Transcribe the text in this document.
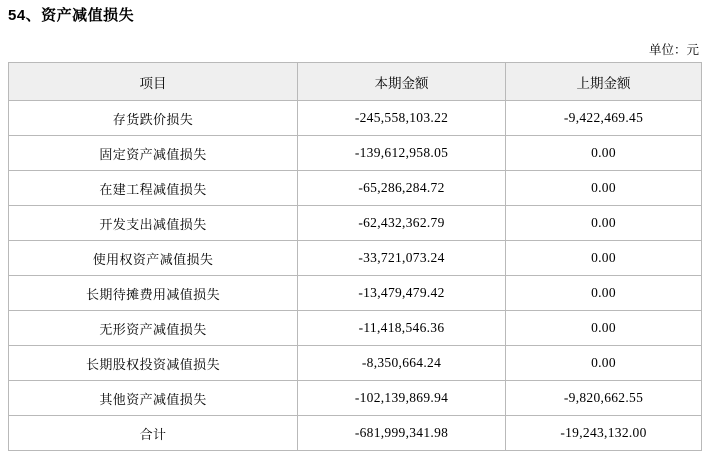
54、资产减值损失
单位：元
项目	本期金额	上期金额
存货跌价损失	-245,558,103.22	-9,422,469.45
固定资产减值损失	-139,612,958.05	0.00
在建工程减值损失	-65,286,284.72	0.00
开发支出减值损失	-62,432,362.79	0.00
使用权资产减值损失	-33,721,073.24	0.00
长期待摊费用减值损失	-13,479,479.42	0.00
无形资产减值损失	-11,418,546.36	0.00
长期股权投资减值损失	-8,350,664.24	0.00
其他资产减值损失	-102,139,869.94	-9,820,662.55
合计	-681,999,341.98	-19,243,132.00
